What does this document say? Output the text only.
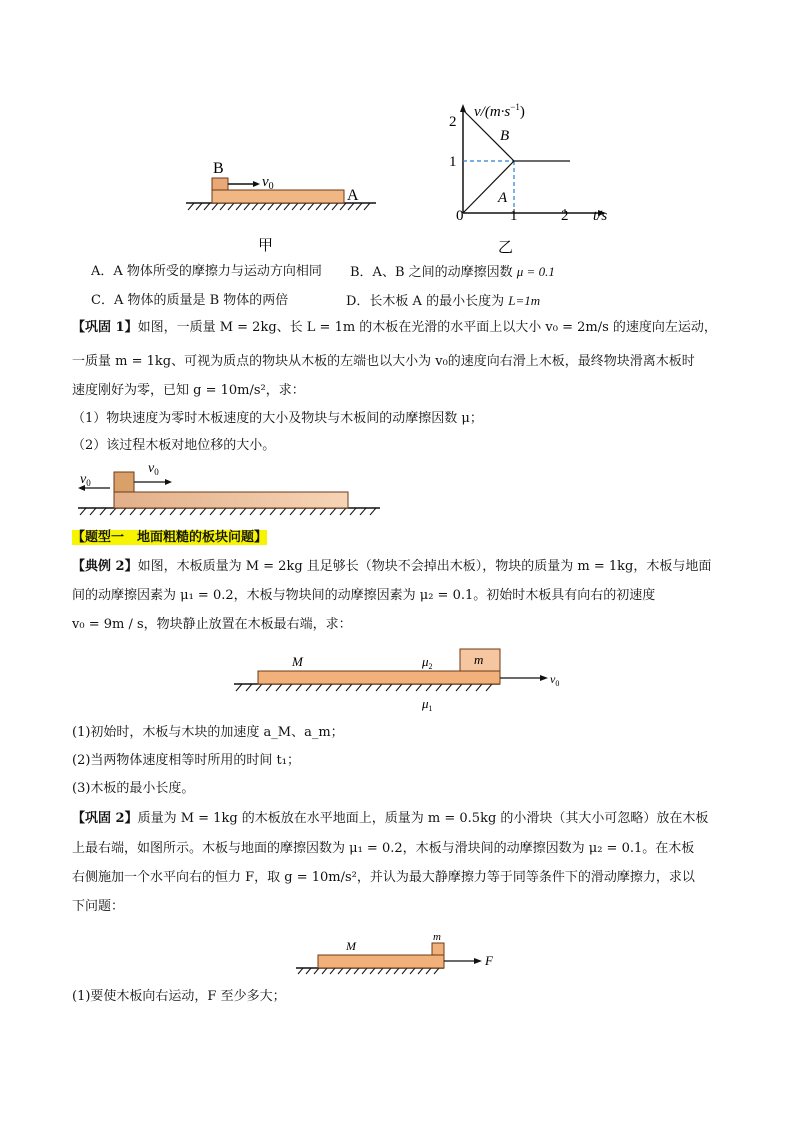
B
$v_0$
A
甲
$v/(m\cdot s^{-1})$
2
1
0	1	2 t/s
B
A
乙
A．A 物体所受的摩擦力与运动方向相同 B．A、B 之间的动摩擦因数 μ = 0.1
C．A 物体的质量是 B 物体的两倍	D．长木板 A 的最小长度为 L=1m
【巩固 1】如图，一质量 M = 2kg、长 L = 1m 的木板在光滑的水平面上以大小 v₀ = 2m/s 的速度向左运动，
一质量 m = 1kg、可视为质点的物块从木板的左端也以大小为 v₀的速度向右滑上木板，最终物块滑离木板时
速度刚好为零，已知 g = 10m/s²，求：
（1）物块速度为零时木板速度的大小及物块与木板间的动摩擦因数 μ；
（2）该过程木板对地位移的大小。
$v_0$
$v_0$
【题型一　地面粗糙的板块问题】
【典例 2】如图，木板质量为 M = 2kg 且足够长（物块不会掉出木板），物块的质量为 m = 1kg，木板与地面
间的动摩擦因素为 μ₁ = 0.2，木板与物块间的动摩擦因素为 μ₂ = 0.1。初始时木板具有向右的初速度
v₀ = 9m / s，物块静止放置在木板最右端，求：
M	m
$\mu_2$
$\mu_1$
$v_0$
(1)初始时，木板与木块的加速度 a_M、a_m；
(2)当两物体速度相等时所用的时间 t₁；
(3)木板的最小长度。
【巩固 2】质量为 M = 1kg 的木板放在水平地面上，质量为 m = 0.5kg 的小滑块（其大小可忽略）放在木板
上最右端，如图所示。木板与地面的摩擦因数为 μ₁ = 0.2，木板与滑块间的动摩擦因数为 μ₂ = 0.1。在木板
右侧施加一个水平向右的恒力 F，取 g = 10m/s²，并认为最大静摩擦力等于同等条件下的滑动摩擦力，求以
下问题：
M
m
F
(1)要使木板向右运动，F 至少多大；
